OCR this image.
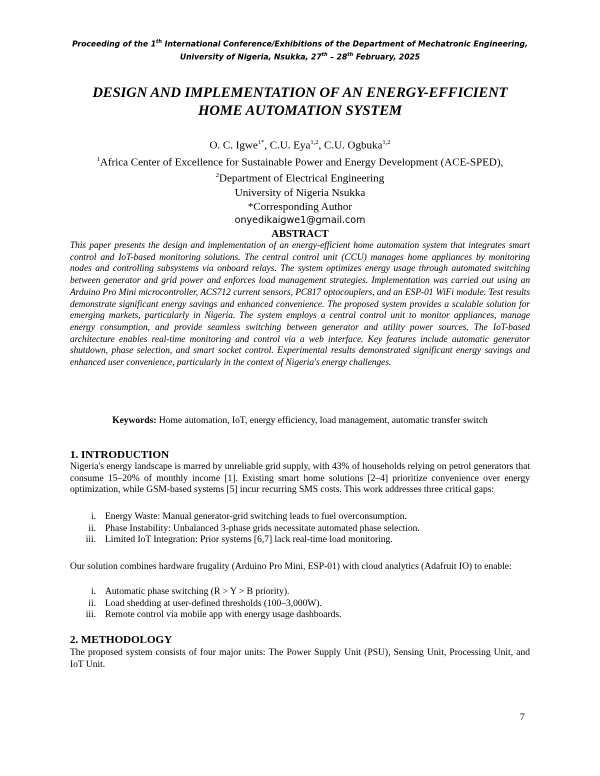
Proceeding of the 1th International Conference/Exhibitions of the Department of Mechatronic Engineering,
University of Nigeria, Nsukka, 27th – 28th February, 2025
DESIGN AND IMPLEMENTATION OF AN ENERGY-EFFICIENT
HOME AUTOMATION SYSTEM
O. C. Igwe$^{1*}$, C.U. Eya$^{1,2}$, C.U. Ogbuka$^{1,2}$
$^1$Africa Center of Excellence for Sustainable Power and Energy Development (ACE-SPED),
$^2$Department of Electrical Engineering
University of Nigeria Nsukka
*Corresponding Author
onyedikaigwe1@gmail.com
ABSTRACT
This paper presents the design and implementation of an energy-efficient home automation system that integrates smart control and IoT-based monitoring solutions. The central control unit (CCU) manages home appliances by monitoring nodes and controlling subsystems via onboard relays. The system optimizes energy usage through automated switching between generator and grid power and enforces load management strategies. Implementation was carried out using an Arduino Pro Mini microcontroller, ACS712 current sensors, PC817 optocouplers, and an ESP-01 WiFi module. Test results demonstrate significant energy savings and enhanced convenience. The proposed system provides a scalable solution for emerging markets, particularly in Nigeria. The system employs a central control unit to monitor appliances, manage energy consumption, and provide seamless switching between generator and utility power sources. The IoT-based architecture enables real-time monitoring and control via a web interface. Key features include automatic generator shutdown, phase selection, and smart socket control. Experimental results demonstrated significant energy savings and enhanced user convenience, particularly in the context of Nigeria's energy challenges.
Keywords: Home automation, IoT, energy efficiency, load management, automatic transfer switch
1. INTRODUCTION
Nigeria's energy landscape is marred by unreliable grid supply, with 43% of households relying on petrol generators that consume 15–20% of monthly income [1]. Existing smart home solutions [2–4] prioritize convenience over energy optimization, while GSM-based systems [5] incur recurring SMS costs. This work addresses three critical gaps:
i. Energy Waste: Manual generator-grid switching leads to fuel overconsumption.
ii. Phase Instability: Unbalanced 3-phase grids necessitate automated phase selection.
iii. Limited IoT Integration: Prior systems [6,7] lack real-time load monitoring.
Our solution combines hardware frugality (Arduino Pro Mini, ESP-01) with cloud analytics (Adafruit IO) to enable:
i. Automatic phase switching (R > Y > B priority).
ii. Load shedding at user-defined thresholds (100–3,000W).
iii. Remote control via mobile app with energy usage dashboards.
2. METHODOLOGY
The proposed system consists of four major units: The Power Supply Unit (PSU), Sensing Unit, Processing Unit, and IoT Unit.
7
